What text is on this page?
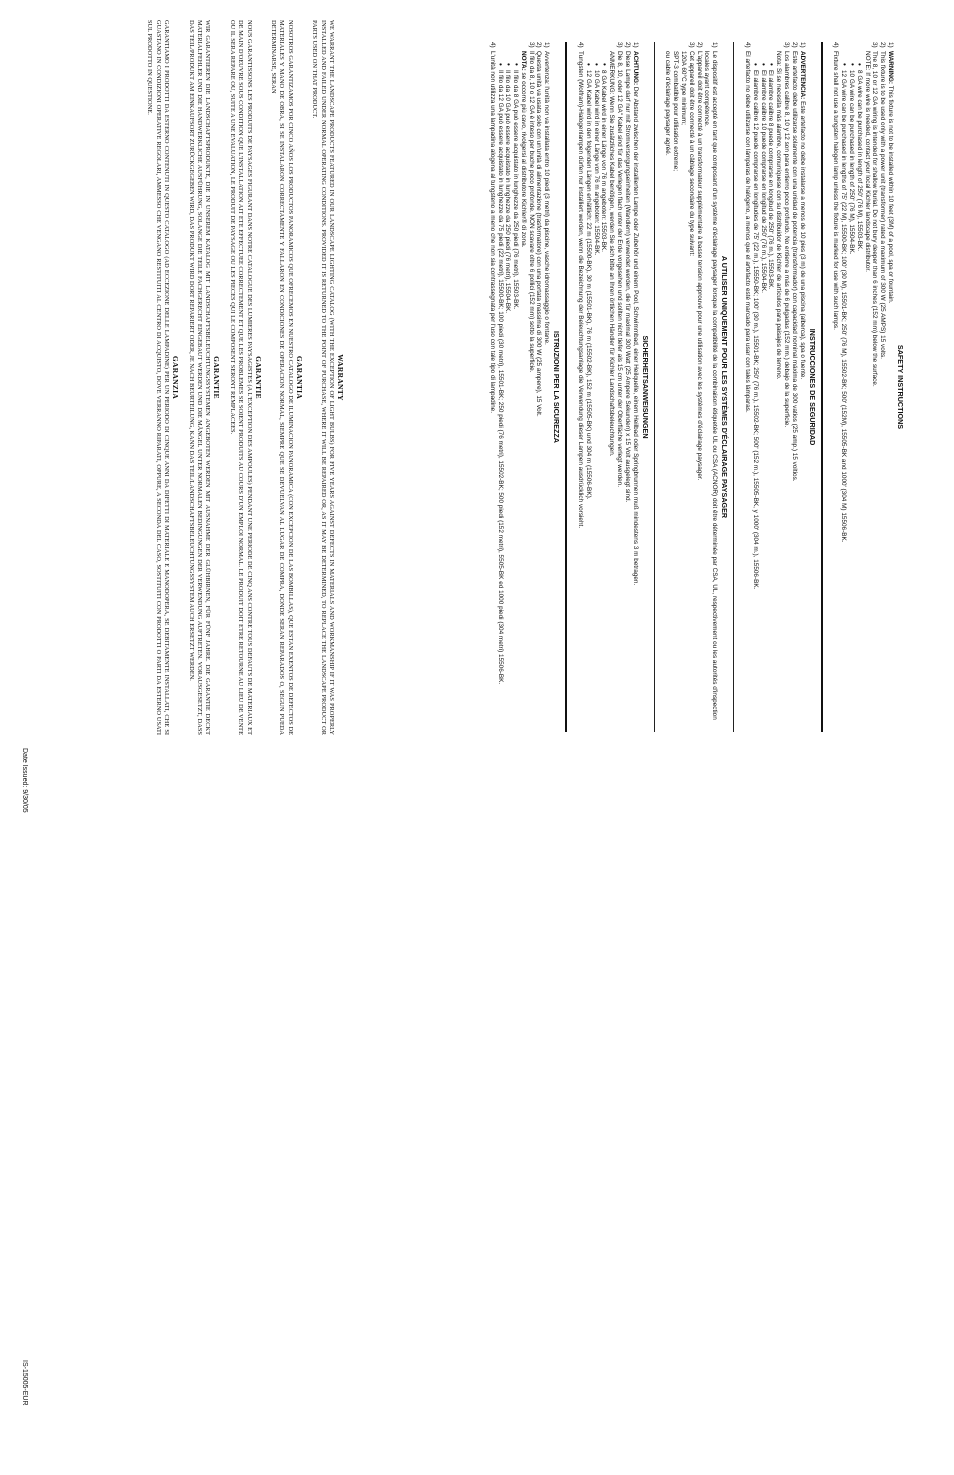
SAFETY INSTRUCTIONS
1)
WARNING: This fixture is not to be installed within 10 feet (3M) of a pool, spa or fountain.
2)
This fixture is to be used only with a power unit (transformer) rated a maximum of 300 W (25 AMPS) 15 volts.
3)
The 8, 10 or 12 GA wiring is intended for shallow burial. Do not bury deeper than 6 inches (152 mm) below the surface.
NOTE: If more wire is needed, contact your local Kichler landscape distributor.
• 8 GA wire can be purchased in length of 250' (76 M), 15503-BK.
• 10 GA wire can be purchased in length of 250' (76 M), 15504-BK.
• 12 GA wire can be purchased in lengths of 75' (22 M), 15500-BK; 100' (30 M), 15501-BK; 250' (76 M), 15502-BK; 500' (152M), 15505-BK and 1000' (304 M) 15506-BK.
4)
Fixture shall not use a tungsten halogen lamp unless the fixture is marked for use with such lamps.
INSTRUCCIONES DE SEGURIDAD
1)
ADVERTENCIA: Este artefacto no debe instalarse a menos de 10 pies (3 m) de una piscina (alberca), spa o fuente.
2)
Este artefacto debe utilizarse solamente con una unidad de potencia (transformador) con capacidad nominal máxima de 300 vatios (25 amp.) 15 voltios.
3)
Los alambres calibre 8, 10 y 12 son para entierro poco profundo. No entierre a más de 6 pulgadas (152 mm.) debajo de la superficie.
Nota: Si se necesita más alambre, comuníquese con su distribuidor de Kichler de artículos para paisajes de terreno.
• El alambre calibre 8 puede comprarse en longitud de 250' (76 m.), 15503-BK.
• El alambre calibre 10 puede comprarse en longitud de 250' (76 m.), 15504-BK.
• El alambre calibre 12 puede comprarse en longitudes de 75' (22 m.), 15550-BK; 100' (30 m.), 15501-BK; 250' (76 m.), 15502-BK; 500' (152 m.), 15505-BK, y 1000' (304 m.), 15506-BK.
4)
El artefacto no debe utilizarse con lámparas de halógeno, a menos que el artefacto esté marcado para usar con tales lámparas.
A UTILISER UNIQUEMENT POUR LES SYSTÈMES D'ÉCLAIRAGE PAYSAGER
1)
Le dispositif est accepté en tant que composant d'un système d'éclairage paysager lorsque la compatibilité de la combinaison étiquetée UL ou CSA (ACNOR) doit être déterminée par CSA, UL, respectivement ou les autorités d'inspection locales ayant compétence.
2)
L'appareil doit être connecté à un transformateur supplémentaire à basse tension approuvé pour une utilisation avec les systèmes d'éclairage paysager.
3)
Cet appareil doit être connecté à un câblage secondaire du type suivant:
120A 60°C type minimum;
SPT-3 combatible pour utilisation extreme;
ou cable d'éclairage paysager agréé.
SICHERHEITSANWEISUNGEN
1)
ACHTUNG: Der Abstand zwischen der installierten Lampe oder Zubehör und einem Pool, Schwimmbad, einer Heilquelle, einem Heilbad oder Springbrunnen muß mindestens 3 m betragen.
2)
Diese Lampe darf nur mit Stromversorgungseinheiten (Wandlern) verwendet werden, die für maximal 300 Watt (25 Ampere Sekunden) x 15 Volt ausgelegt sind.
3)
Die 8, 10, oder 12 GA" Kabel sind für das Verlegen flach unter der Erde vorgesehen und sollten nicht tiefer als 15 cm unter der Oberfläche verlegt werden.
ANMERKUNG: Wenn Sie zusätzliches Kabel benötigen, werden Sie sich bitte an Ihren örtlichen Händler für Kichler Landschaftsbeleuchtungen.
• 8 GA Kabel wird in einer Länge von 76 m angeboten: 15503-BK.
• 10 GA Kabel wird in einer Länge von 76 m angeboten: 15504-BK.
• 12 GA Kabel wird in den folgenden Längen erhältlich: 22 m (15500-BK), 30 m (15501-BK), 76 m (15502-BK), 152 m (15505-BK) und 304 m (15506-BK).
4)
Tungsten (Wolfram)-Halogenlampen dürfen nur installiert werden, wenn die Bezeichnung der Beleuchtungsanlage die Verwendung dieser Lampen ausdrücklich vorsieht.
ISTRUZIONI PER LA SICUREZZA
1)
Avvertenza: l'unità non va installata entro 10 piedi (3 metri) da piscine, vasche idromassaggio o fontane.
2)
Questa unità va usata solo con un'unità di alimentazione (trasformatore) con una portata massima di 300 W (25 ampere), 15 Volt.
3)
Il filo da 8, 10 o 12 GA è inteso per buche poco profonde. NON scavare oltre 6 pollici (152 mm) sotto la superficie.
NOTA: se occorre più cavo, rivolgersi al distributore Kichler® di zona.
• Il filo da 8 GA può essere acquistato in lunghezze da 250 piedi (76 metri), 15503-BK.
• Il filo da 10 GA può essere acquistato in lunghezze da 250 piedi (76 metri), 15504-BK.
• Il filo da 12 GA può essere acquistato in lunghezze da 75 piedi (22 metri), 15500-BK; 100 piedi (30 metri), 15501-BK; 250 piedi (76 metri), 15502-BK; 500 piedi (152 metri), 5505-BK ed 1000 piedi (304 metri) 15506-BK.
4)
L'unità non utilizza una lampadina alogena al tungsteno a meno che non sia contrassegnata per l'uso con tale tipo di lampadine.
WARRANTY

WE WARRANT THE LANDSCAPE PRODUCTS FEATURED IN OUR LANDSCAPE LIGHTING CATALOG (WITH THE EXCEPTION OF LIGHT BULBS) FOR FIVE YEARS AGAINST DEFECTS IN MATERIALS AND WORKMANSHIP IF IT WAS PROPERLY INSTALLED AND FAILED UNDER NORMAL OPERATING CONDITIONS. PROVIDED IT IS RETURNED TO THE POINT OF PURCHASE, WHERE IT WILL BE REPAIRED OR, AS IT MAY BE DETERMINED, TO REPLACE THE LANDSCAPE PRODUCT OR PARTS USED ON THAT PRODUCT.

GARANTIA

NOSOTROS GARANTIZAMOS POR CINCO AÑOS LOS PRODUCTOS PANORAMICOS QUE OFRECEMOS EN NUESTRO CATALOGO DE ILUMINACION PANORAMICA (CON EXCEPCION DE LAS BOMBILLAS), QUE ESTAN EXENTOS DE DEFECTOS DE MATERIALES Y MANO DE OBRA, SI SE INSTALARON CORRECTAMENTE Y FALLARON EN CONDICIONES DE OPERACION NORMAL, SIEMPRE QUE SE DEVUELVAN AL LUGAR DE COMPRA, DONDE SERAN REPARADOS O, SEGUN PUEDA DETERMINARSE, SERAN

GARANTIE

NOUS GARANTISSONS LES PRODUITS DE PAYSAGES FIGURANT DANS NOTRE CATALOGUE DES LUMIERES PAYSAGISTES (A L'EXCEPTION DES AMPOULES) PENDANT UNE PERIODE DE CINQ ANS CONTRE TOUS DEFAUTS DE MATERIAUX ET DE MAIN D'OEUVRE SOUS CONDITION QUE L'INSTALLATION AIT ETE EFFECTUEE CORRECTEMENT ET QUE LES PROBLEMES SE SOIENT PRODUITS AU COURS D'UN EMPLOI NORMAL. LE PRODUIT DOIT ETRE RETOURNE AU LIEU DE VENTE OU IL SERA REPARE OU, SUITE A UNE EVALUATION, LE PRODUIT DE PAYSAGE OU LES PIECES QUI LE COMPOSENT SERONT REMPLACEES.

GARANTIE

WIR GARANTIEREN DIE LANDSCHAFTSPRODUKTE, DIE IN UNSEREM KATALOG MIT LANDSCHAFTSBELEUCHTUNGSSYSTEMEN ANGEBOTEN WERDEN MIT AUSNAHME DER GLÜHBIRNEN, FÜR FÜNF JAHRE. DIE GARANTIE DECKT MATERIALFEHLER UND DIE HANDWERKLICHE AUSFÜHRUNG, SOLANGE DIE TEILE FACHGERECHT EINGEBAUT WERDEN UND DIE MÄNGEL UNTER NORMALEN BEDINGUNGEN DER VERWENDUNG AUFTRETEN. VORAUSGESETZT, DASS DAS TEIL/PRODUKT AM EINKAUFSORT ZURÜCKGEGEBEN WIRD, DAS PRODUKT WIRD DORT REPARIERT ODER, JE NACH BEURTEILUNG, KANN DAS TEIL/LANDSCHAFTSBELEUCHTUNGSSYSTEM AUCH ERSETZT WERDEN.

GARANZIA

GARANTIAMO I PRODOTTI DA ESTERNO CONTENUTI IN QUESTO CATALOGO (AD ECCEZIONE DELLE LAMPADINE) PER UN PERIODO DI CINQUE ANNI DA DIFETTI DI MATERIALE E MANODOPERA, SE DEBITAMENTE INSTALLATI, CHE SI GUASTANO IN CONDIZIONI OPERATIVE REGOLARI, AMMESSO CHE VENGANO RESTITUITI AL CENTRO DI ACQUISTO, DOVE VERRANNO RIPARATI, OPPURE, A SECONDA DEL CASO, SOSTITUITI CON PRODOTTI O PARTI DA ESTERNO USATI SUL PRODOTTO IN QUESTIONE.

Date Issued: 9/30/05
IS-15005-EUR
